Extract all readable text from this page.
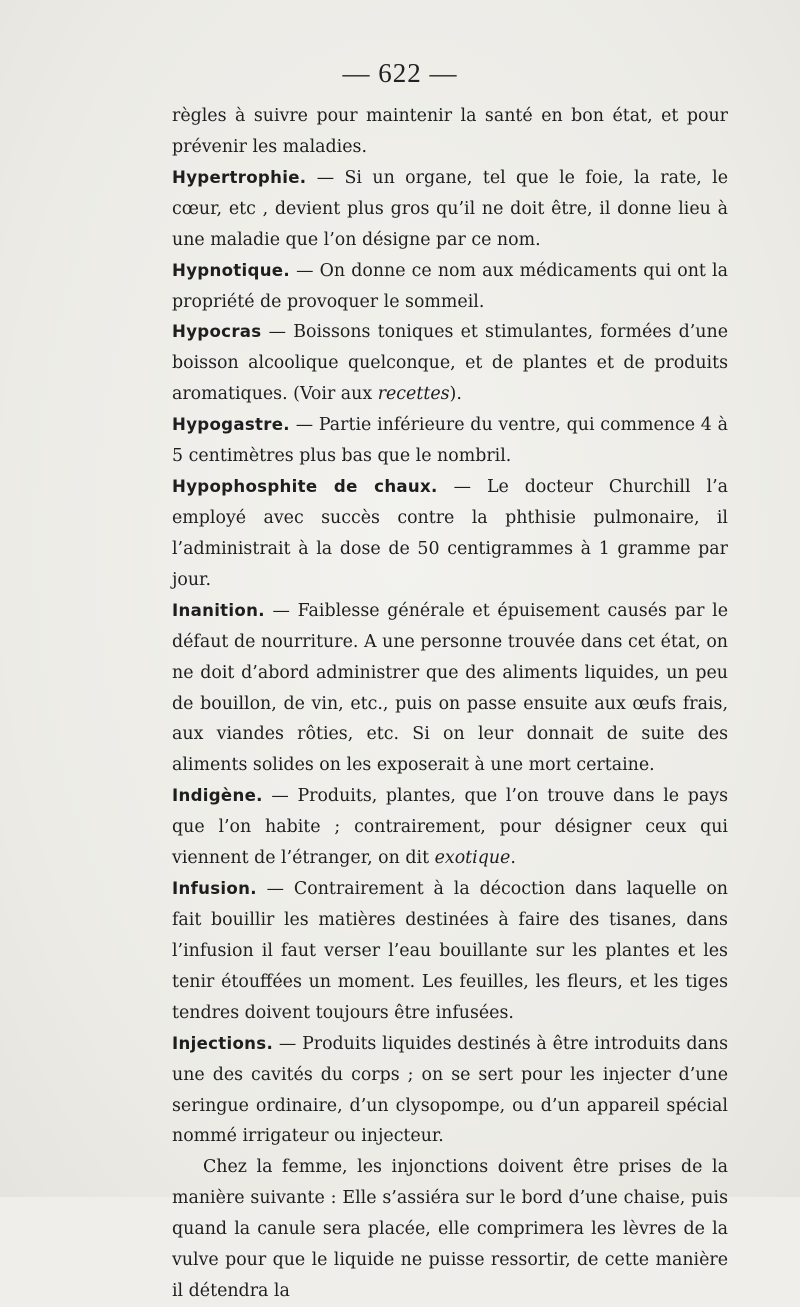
— 622 —

règles à suivre pour maintenir la santé en bon état, et pour prévenir les maladies.

Hypertrophie. — Si un organe, tel que le foie, la rate, le cœur, etc , devient plus gros qu’il ne doit être, il donne lieu à une maladie que l’on désigne par ce nom.

Hypnotique. — On donne ce nom aux médicaments qui ont la propriété de provoquer le sommeil.

Hypocras — Boissons toniques et stimulantes, formées d’une boisson alcoolique quelconque, et de plantes et de produits aromatiques. (Voir aux recettes).

Hypogastre. — Partie inférieure du ventre, qui commence 4 à 5 centimètres plus bas que le nombril.

Hypophosphite de chaux. — Le docteur Churchill l’a employé avec succès contre la phthisie pulmonaire, il l’administrait à la dose de 50 centigrammes à 1 gramme par jour.

Inanition. — Faiblesse générale et épuisement causés par le défaut de nourriture. A une personne trouvée dans cet état, on ne doit d’abord administrer que des aliments liquides, un peu de bouillon, de vin, etc., puis on passe ensuite aux œufs frais, aux viandes rôties, etc. Si on leur donnait de suite des aliments solides on les exposerait à une mort certaine.

Indigène. — Produits, plantes, que l’on trouve dans le pays que l’on habite ; contrairement, pour désigner ceux qui viennent de l’étranger, on dit exotique.

Infusion. — Contrairement à la décoction dans laquelle on fait bouillir les matières destinées à faire des tisanes, dans l’infusion il faut verser l’eau bouillante sur les plantes et les tenir étouffées un moment. Les feuilles, les fleurs, et les tiges tendres doivent toujours être infusées.

Injections. — Produits liquides destinés à être introduits dans une des cavités du corps ; on se sert pour les injecter d’une seringue ordinaire, d’un clysopompe, ou d’un appareil spécial nommé irrigateur ou injecteur.

Chez la femme, les injonctions doivent être prises de la manière suivante : Elle s’assiéra sur le bord d’une chaise, puis quand la canule sera placée, elle comprimera les lèvres de la vulve pour que le liquide ne puisse ressortir, de cette manière il détendra la
